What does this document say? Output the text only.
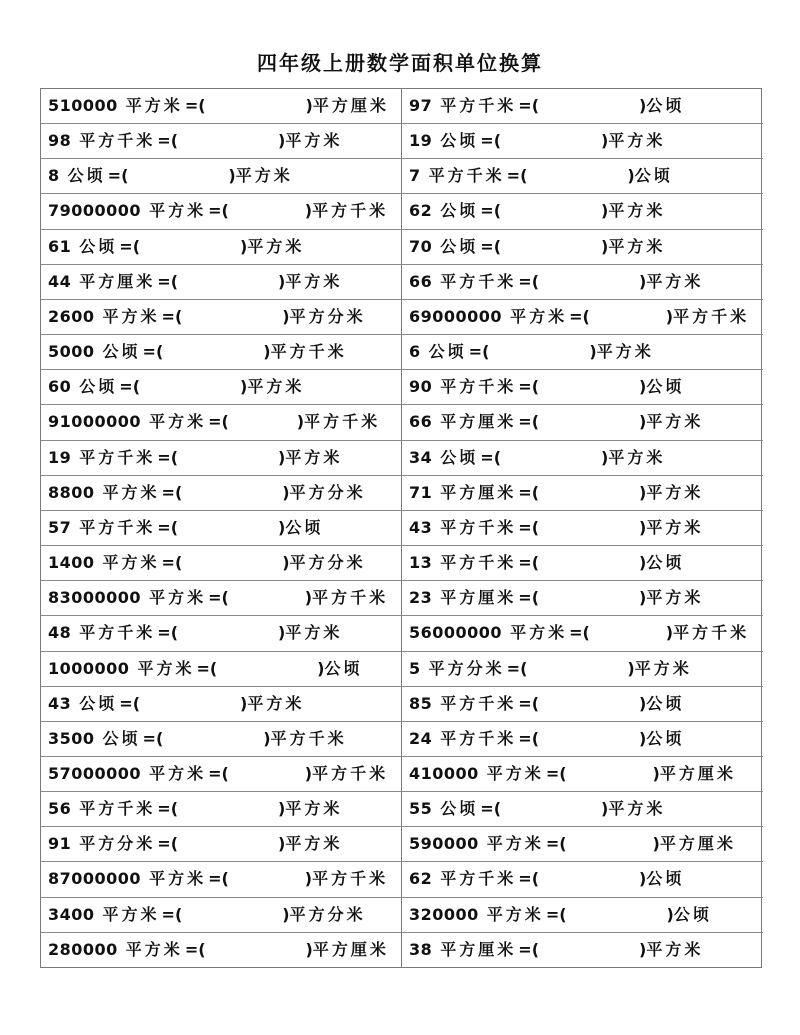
四年级上册数学面积单位换算
510000 平方米 =(	)平方厘米 97 平方千米 =(	)公顷
98 平方千米 =(	)平方米	19 公顷 =(	)平方米
8 公顷 =(	)平方米	7 平方千米 =(	)公顷
79000000 平方米 =(	)平方千米 62 公顷 =(	)平方米
61 公顷 =(	)平方米	70 公顷 =(	)平方米
44 平方厘米 =(	)平方米	66 平方千米 =(	)平方米
2600 平方米 =(	)平方分米	69000000 平方米 =(	)平方千米
5000 公顷 =(	)平方千米	6 公顷 =(	)平方米
60 公顷 =(	)平方米	90 平方千米 =(	)公顷
91000000 平方米 =(	)平方千米 66 平方厘米 =(	)平方米
19 平方千米 =(	)平方米	34 公顷 =(	)平方米
8800 平方米 =(	)平方分米	71 平方厘米 =(	)平方米
57 平方千米 =(	)公顷	43 平方千米 =(	)平方米
1400 平方米 =(	)平方分米	13 平方千米 =(	)公顷
83000000 平方米 =(	)平方千米 23 平方厘米 =(	)平方米
48 平方千米 =(	)平方米	56000000 平方米 =(	)平方千米
1000000 平方米 =(	)公顷	5 平方分米 =(	)平方米
43 公顷 =(	)平方米	85 平方千米 =(	)公顷
3500 公顷 =(	)平方千米	24 平方千米 =(	)公顷
57000000 平方米 =(	)平方千米 410000 平方米 =(	)平方厘米
56 平方千米 =(	)平方米	55 公顷 =(	)平方米
91 平方分米 =(	)平方米	590000 平方米 =(	)平方厘米
87000000 平方米 =(	)平方千米 62 平方千米 =(	)公顷
3400 平方米 =(	)平方分米	320000 平方米 =(	)公顷
280000 平方米 =(	)平方厘米 38 平方厘米 =(	)平方米
